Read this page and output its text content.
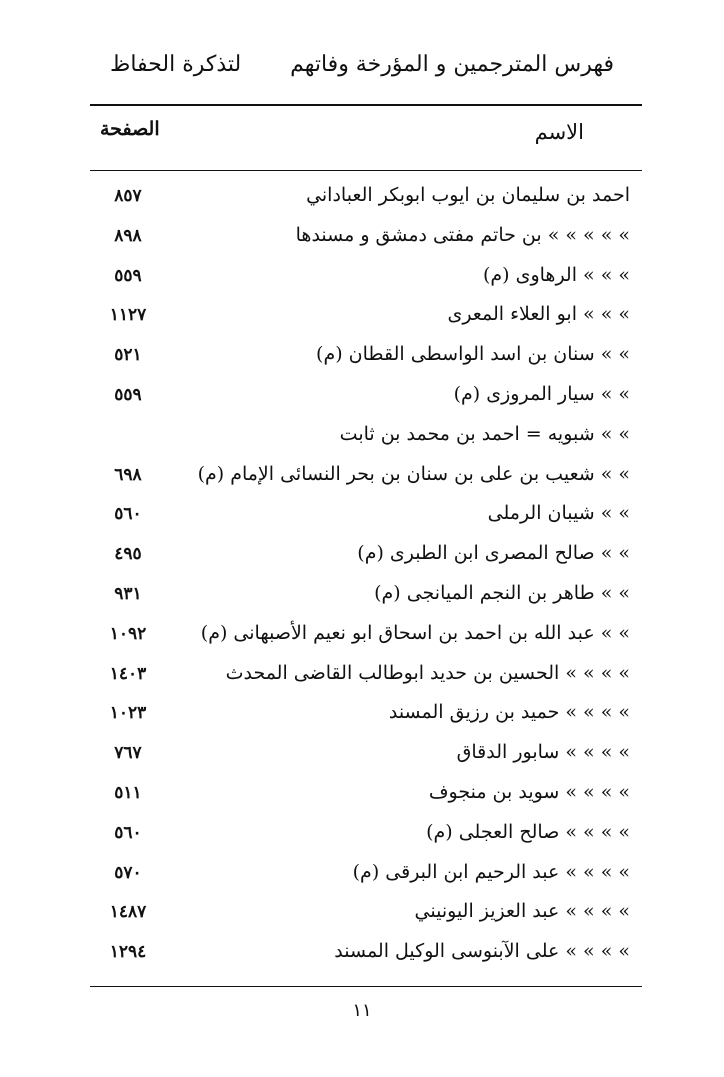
فهرس المترجمين و المؤرخة وفاتهم
لتذكرة الحفاظ
الاسم
الصفحة
احمد بن سليمان بن ايوب ابوبكر العباداني
٨٥٧
» » » » » بن حاتم مفتى دمشق و مسندها
٨٩٨
» » » الرهاوى (م)
٥٥٩
» » » ابو العلاء المعرى
١١٢٧
» » سنان بن اسد الواسطى القطان (م)
٥٢١
» » سيار المروزى (م)
٥٥٩
» » شبويه = احمد بن محمد بن ثابت
» » شعيب بن على بن سنان بن بحر النسائى الإمام (م)
٦٩٨
» » شيبان الرملى
٥٦٠
» » صالح المصرى ابن الطبرى (م)
٤٩٥
» » طاهر بن النجم الميانجى (م)
٩٣١
» » عبد الله بن احمد بن اسحاق ابو نعيم الأصبهانى (م)
١٠٩٢
» » » » الحسين بن حديد ابوطالب القاضى المحدث
١٤٠٣
» » » » حميد بن رزيق المسند
١٠٢٣
» » » » سابور الدقاق
٧٦٧
» » » » سويد بن منجوف
٥١١
» » » » صالح العجلى (م)
٥٦٠
» » » » عبد الرحيم ابن البرقى (م)
٥٧٠
» » » » عبد العزيز اليونيني
١٤٨٧
» » » » على الآبنوسى الوكيل المسند
١٢٩٤
١١
